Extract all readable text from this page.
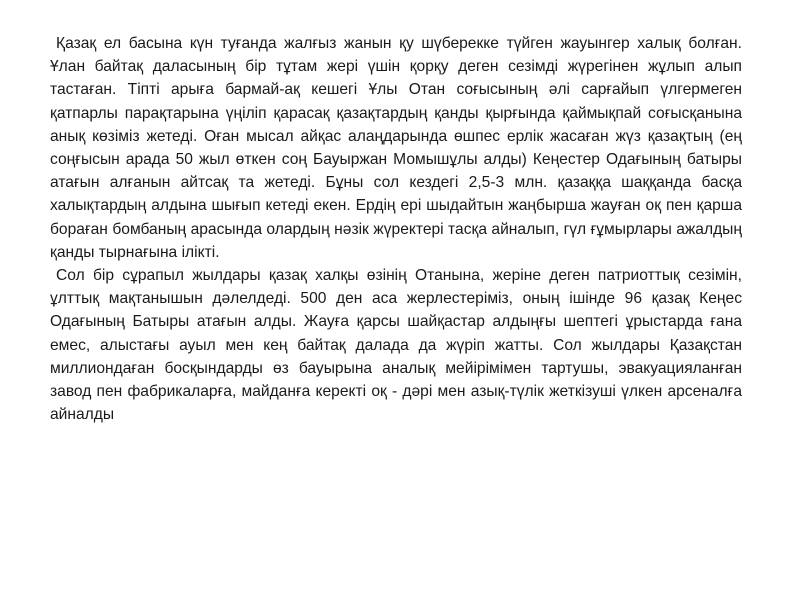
Қазақ ел басына күн туғанда жалғыз жанын қу шүберекке түйген жауынгер халық болған. Ұлан байтақ даласының бір тұтам жері үшін қорқу деген сезімді жүрегінен жұлып алып тастаған. Тіпті арыға бармай-ақ кешегі Ұлы Отан соғысының әлі сарғайып үлгермеген қатпарлы парақтарына үңіліп қарасақ қазақтардың қанды қырғында қаймықпай соғысқанына анық көзіміз жетеді. Оған мысал айқас алаңдарында өшпес ерлік жасаған жүз қазақтың (ең соңғысын арада 50 жыл өткен соң Бауыржан Момышұлы алды) Кеңестер Одағының батыры атағын алғанын айтсақ та жетеді. Бұны сол кездегі 2,5-3 млн. қазаққа шаққанда басқа халықтардың алдына шығып кетеді екен. Ердің ері шыдайтын жаңбырша жауған оқ пен қарша бораған бомбаның арасында олардың нәзік жүректері тасқа айналып, гүл ғұмырлары ажалдың қанды тырнағына ілікті.

Сол бір сұрапыл жылдары қазақ халқы өзінің Отанына, жеріне деген патриоттық сезімін, ұлттық мақтанышын дәлелдеді. 500 ден аса жерлестеріміз, оның ішінде 96 қазақ Кеңес Одағының Батыры атағын алды. Жауға қарсы шайқастар алдыңғы шептегі ұрыстарда ғана емес, алыстағы ауыл мен кең байтақ далада да жүріп жатты. Сол жылдары Қазақстан миллиондаған босқындарды өз бауырына аналық мейірімімен тартушы, эвакуацияланған завод пен фабрикаларға, майданға керекті оқ - дәрі мен азық-түлік жеткізуші үлкен арсеналға айналды
